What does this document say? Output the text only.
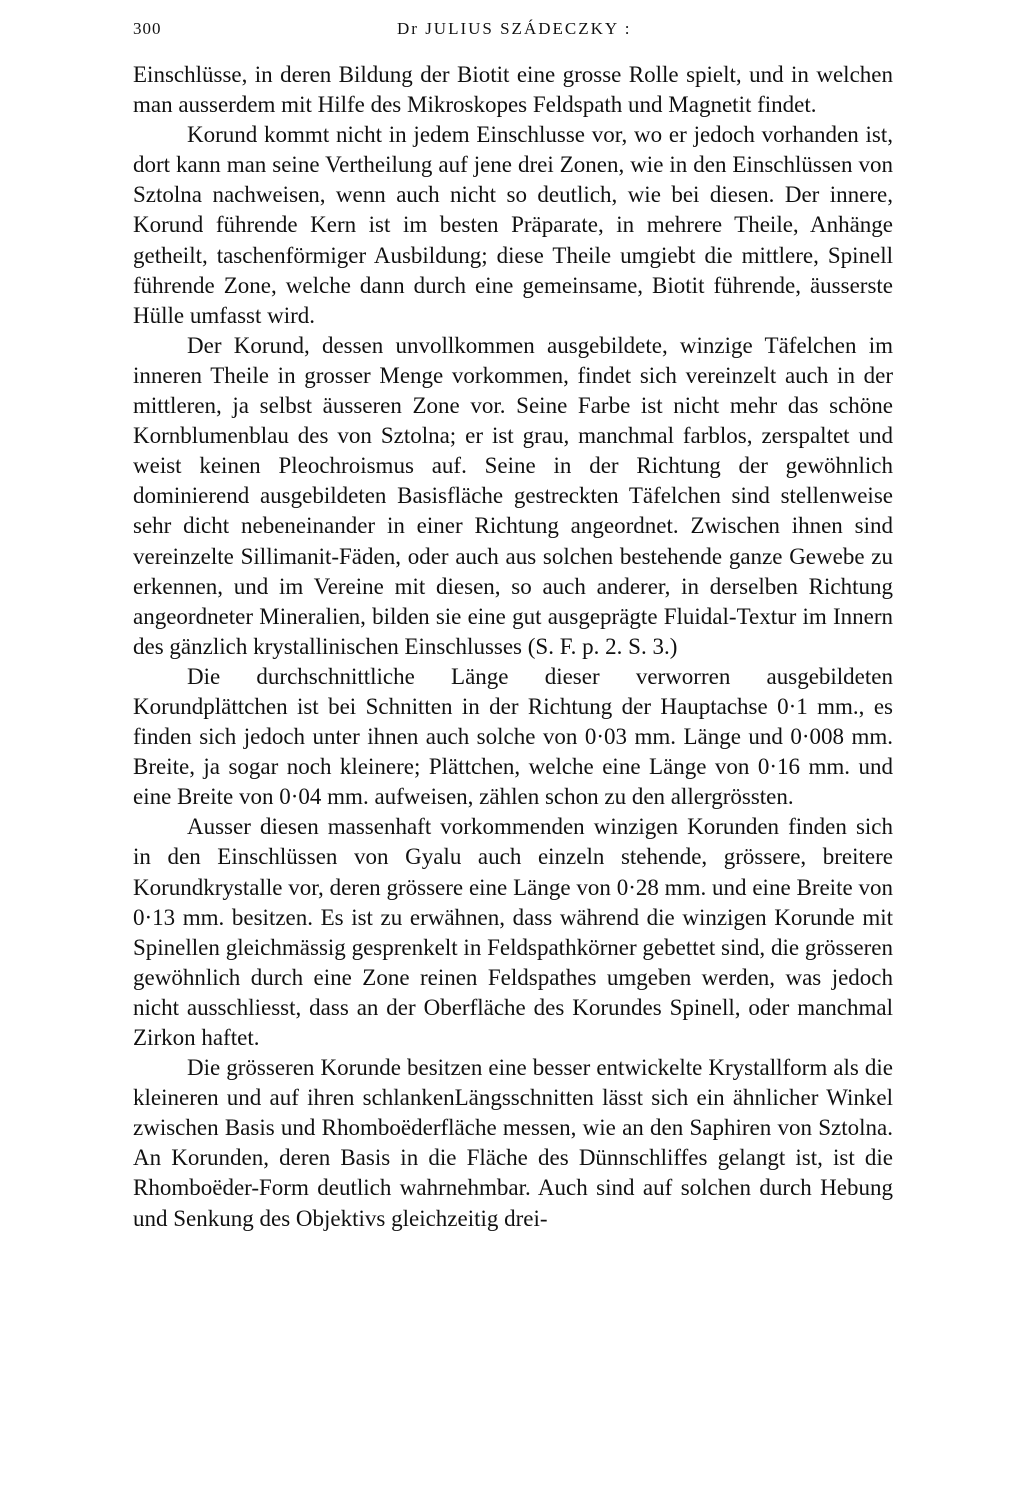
300	Dr JULIUS SZÁDECZKY :

Einschlüsse, in deren Bildung der Biotit eine grosse Rolle spielt, und in welchen man ausserdem mit Hilfe des Mikroskopes Feldspath und Magnetit findet.

Korund kommt nicht in jedem Einschlusse vor, wo er jedoch vorhanden ist, dort kann man seine Vertheilung auf jene drei Zonen, wie in den Einschlüssen von Sztolna nachweisen, wenn auch nicht so deutlich, wie bei diesen. Der innere, Korund führende Kern ist im besten Präparate, in mehrere Theile, Anhänge getheilt, taschenförmiger Ausbildung; diese Theile umgiebt die mittlere, Spinell führende Zone, welche dann durch eine gemeinsame, Biotit führende, äusserste Hülle umfasst wird.

Der Korund, dessen unvollkommen ausgebildete, winzige Täfelchen im inneren Theile in grosser Menge vorkommen, findet sich vereinzelt auch in der mittleren, ja selbst äusseren Zone vor. Seine Farbe ist nicht mehr das schöne Kornblumenblau des von Sztolna; er ist grau, manchmal farblos, zerspaltet und weist keinen Pleochroismus auf. Seine in der Richtung der gewöhnlich dominierend ausgebildeten Basisfläche gestreckten Täfelchen sind stellenweise sehr dicht nebeneinander in einer Richtung angeordnet. Zwischen ihnen sind vereinzelte Sillimanit-Fäden, oder auch aus solchen bestehende ganze Gewebe zu erkennen, und im Vereine mit diesen, so auch anderer, in derselben Richtung angeordneter Mineralien, bilden sie eine gut ausgeprägte Fluidal-Textur im Innern des gänzlich krystallinischen Einschlusses (S. F. p. 2. S. 3.)

Die durchschnittliche Länge dieser verworren ausgebildeten Korundplättchen ist bei Schnitten in der Richtung der Hauptachse 0·1 mm., es finden sich jedoch unter ihnen auch solche von 0·03 mm. Länge und 0·008 mm. Breite, ja sogar noch kleinere; Plättchen, welche eine Länge von 0·16 mm. und eine Breite von 0·04 mm. aufweisen, zählen schon zu den allergrössten.

Ausser diesen massenhaft vorkommenden winzigen Korunden finden sich in den Einschlüssen von Gyalu auch einzeln stehende, grössere, breitere Korundkrystalle vor, deren grössere eine Länge von 0·28 mm. und eine Breite von 0·13 mm. besitzen. Es ist zu erwähnen, dass während die winzigen Korunde mit Spinellen gleichmässig gesprenkelt in Feldspathkörner gebettet sind, die grösseren gewöhnlich durch eine Zone reinen Feldspathes umgeben werden, was jedoch nicht ausschliesst, dass an der Oberfläche des Korundes Spinell, oder manchmal Zirkon haftet.

Die grösseren Korunde besitzen eine besser entwickelte Krystallform als die kleineren und auf ihren schlankenLängsschnitten lässt sich ein ähnlicher Winkel zwischen Basis und Rhomboëderfläche messen, wie an den Saphiren von Sztolna. An Korunden, deren Basis in die Fläche des Dünnschliffes gelangt ist, ist die Rhomboëder-Form deutlich wahrnehmbar. Auch sind auf solchen durch Hebung und Senkung des Objektivs gleichzeitig drei-
